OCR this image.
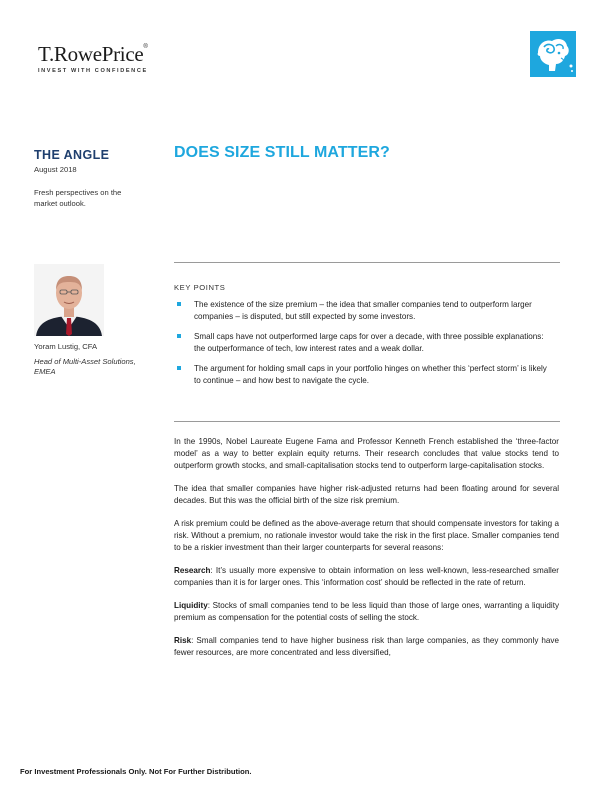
T.RowePrice®
INVEST WITH CONFIDENCE
THE ANGLE
August 2018
Fresh perspectives on the market outlook.
DOES SIZE STILL MATTER?
Yoram Lustig, CFA
Head of Multi-Asset Solutions, EMEA
KEY POINTS
The existence of the size premium – the idea that smaller companies tend to outperform larger companies – is disputed, but still expected by some investors.
Small caps have not outperformed large caps for over a decade, with three possible explanations: the outperformance of tech, low interest rates and a weak dollar.
The argument for holding small caps in your portfolio hinges on whether this ‘perfect storm’ is likely to continue – and how best to navigate the cycle.

In the 1990s, Nobel Laureate Eugene Fama and Professor Kenneth French established the ‘three-factor model’ as a way to better explain equity returns. Their research concludes that value stocks tend to outperform growth stocks, and small-capitalisation stocks tend to outperform large-capitalisation stocks.

The idea that smaller companies have higher risk-adjusted returns had been floating around for several decades. But this was the official birth of the size risk premium.

A risk premium could be defined as the above-average return that should compensate investors for taking a risk. Without a premium, no rationale investor would take the risk in the first place. Smaller companies tend to be a riskier investment than their larger counterparts for several reasons:

Research: It’s usually more expensive to obtain information on less well-known, less-researched smaller companies than it is for larger ones. This ‘information cost’ should be reflected in the rate of return.

Liquidity: Stocks of small companies tend to be less liquid than those of large ones, warranting a liquidity premium as compensation for the potential costs of selling the stock.

Risk: Small companies tend to have higher business risk than large companies, as they commonly have fewer resources, are more concentrated and less diversified,

For Investment Professionals Only. Not For Further Distribution.
